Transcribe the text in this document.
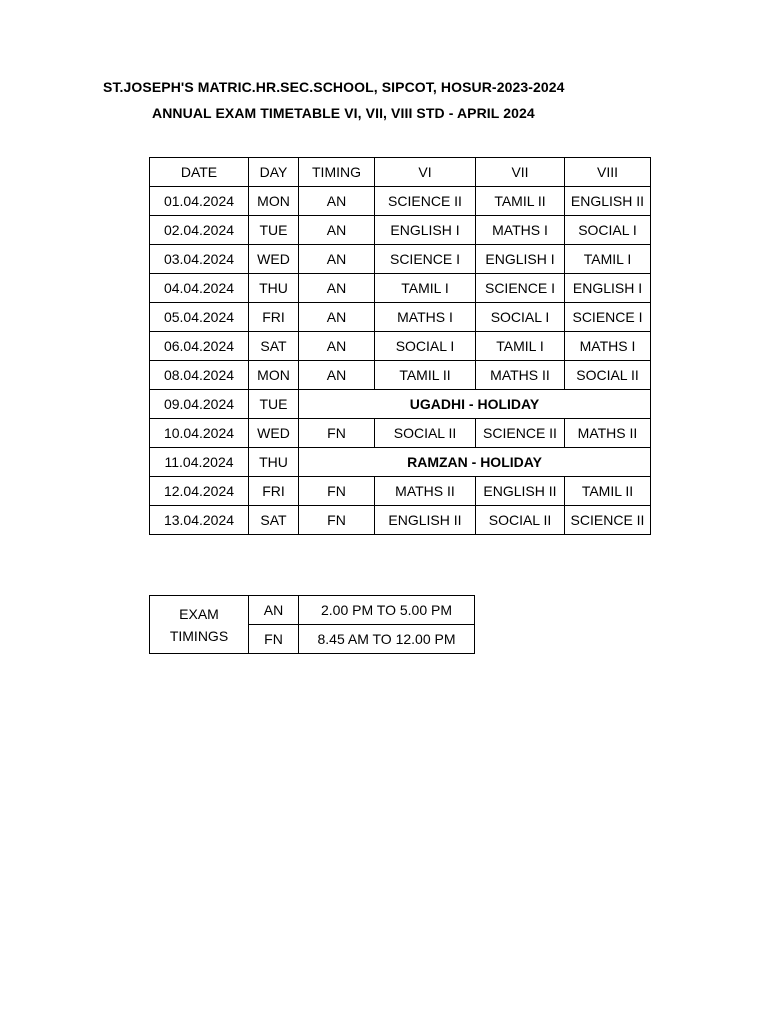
ST.JOSEPH'S MATRIC.HR.SEC.SCHOOL, SIPCOT, HOSUR-2023-2024
ANNUAL EXAM TIMETABLE VI, VII, VIII STD - APRIL 2024
DATE	DAY	TIMING	VI	VII	VIII
01.04.2024	MON	AN	SCIENCE II	TAMIL II	ENGLISH II
02.04.2024	TUE	AN	ENGLISH I	MATHS I	SOCIAL I
03.04.2024	WED	AN	SCIENCE I	ENGLISH I	TAMIL I
04.04.2024	THU	AN	TAMIL I	SCIENCE I	ENGLISH I
05.04.2024	FRI	AN	MATHS I	SOCIAL I	SCIENCE I
06.04.2024	SAT	AN	SOCIAL I	TAMIL I	MATHS I
08.04.2024	MON	AN	TAMIL II	MATHS II	SOCIAL II
09.04.2024	TUE	UGADHI - HOLIDAY			
10.04.2024	WED	FN	SOCIAL II	SCIENCE II	MATHS II
11.04.2024	THU	RAMZAN - HOLIDAY			
12.04.2024	FRI	FN	MATHS II	ENGLISH II	TAMIL II
13.04.2024	SAT	FN	ENGLISH II	SOCIAL II	SCIENCE II
EXAM
TIMINGS	AN	2.00 PM TO 5.00 PM
	FN	8.45 AM TO 12.00 PM
